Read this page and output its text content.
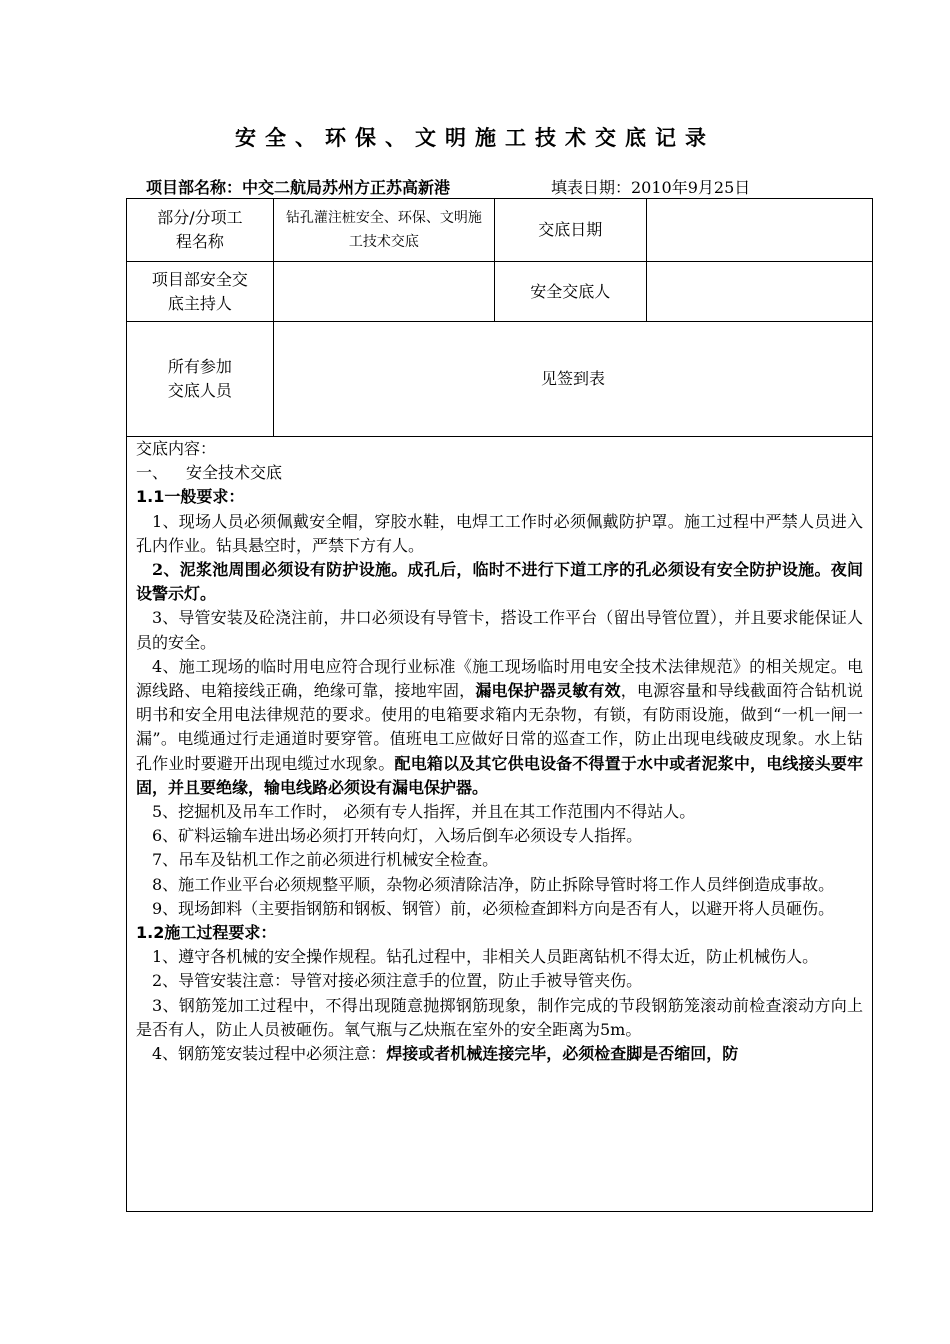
安全、环保、文明施工技术交底记录
项目部名称：中交二航局苏州方正苏高新港	填表日期：2010年9月25日
部分/分项工程名称	钻孔灌注桩安全、环保、文明施工技术交底	交底日期	

项目部安全交底主持人		安全交底人	

所有参加交底人员	见签到表		

交底内容：

一、 安全技术交底

1.1一般要求：

1、现场人员必须佩戴安全帽，穿胶水鞋，电焊工工作时必须佩戴防护罩。施工过程中严禁人员进入孔内作业。钻具悬空时，严禁下方有人。

2、泥浆池周围必须设有防护设施。成孔后，临时不进行下道工序的孔必须设有安全防护设施。夜间设警示灯。

3、导管安装及砼浇注前，井口必须设有导管卡，搭设工作平台（留出导管位置），并且要求能保证人员的安全。

4、施工现场的临时用电应符合现行业标准《施工现场临时用电安全技术法律规范》的相关规定。电源线路、电箱接线正确，绝缘可靠，接地牢固，漏电保护器灵敏有效，电源容量和导线截面符合钻机说明书和安全用电法律规范的要求。使用的电箱要求箱内无杂物，有锁，有防雨设施，做到“一机一闸一漏”。电缆通过行走通道时要穿管。值班电工应做好日常的巡查工作，防止出现电线破皮现象。水上钻孔作业时要避开出现电缆过水现象。配电箱以及其它供电设备不得置于水中或者泥浆中，电线接头要牢固，并且要绝缘，输电线路必须设有漏电保护器。

5、挖掘机及吊车工作时， 必须有专人指挥，并且在其工作范围内不得站人。

6、矿料运输车进出场必须打开转向灯，入场后倒车必须设专人指挥。

7、吊车及钻机工作之前必须进行机械安全检查。

8、施工作业平台必须规整平顺，杂物必须清除洁净，防止拆除导管时将工作人员绊倒造成事故。

9、现场卸料（主要指钢筋和钢板、钢管）前，必须检查卸料方向是否有人，以避开将人员砸伤。

1.2施工过程要求：

1、遵守各机械的安全操作规程。钻孔过程中，非相关人员距离钻机不得太近，防止机械伤人。

2、导管安装注意：导管对接必须注意手的位置，防止手被导管夹伤。

3、钢筋笼加工过程中，不得出现随意抛掷钢筋现象，制作完成的节段钢筋笼滚动前检查滚动方向上是否有人，防止人员被砸伤。氧气瓶与乙炔瓶在室外的安全距离为5m。

4、钢筋笼安装过程中必须注意：焊接或者机械连接完毕，必须检查脚是否缩回，防
